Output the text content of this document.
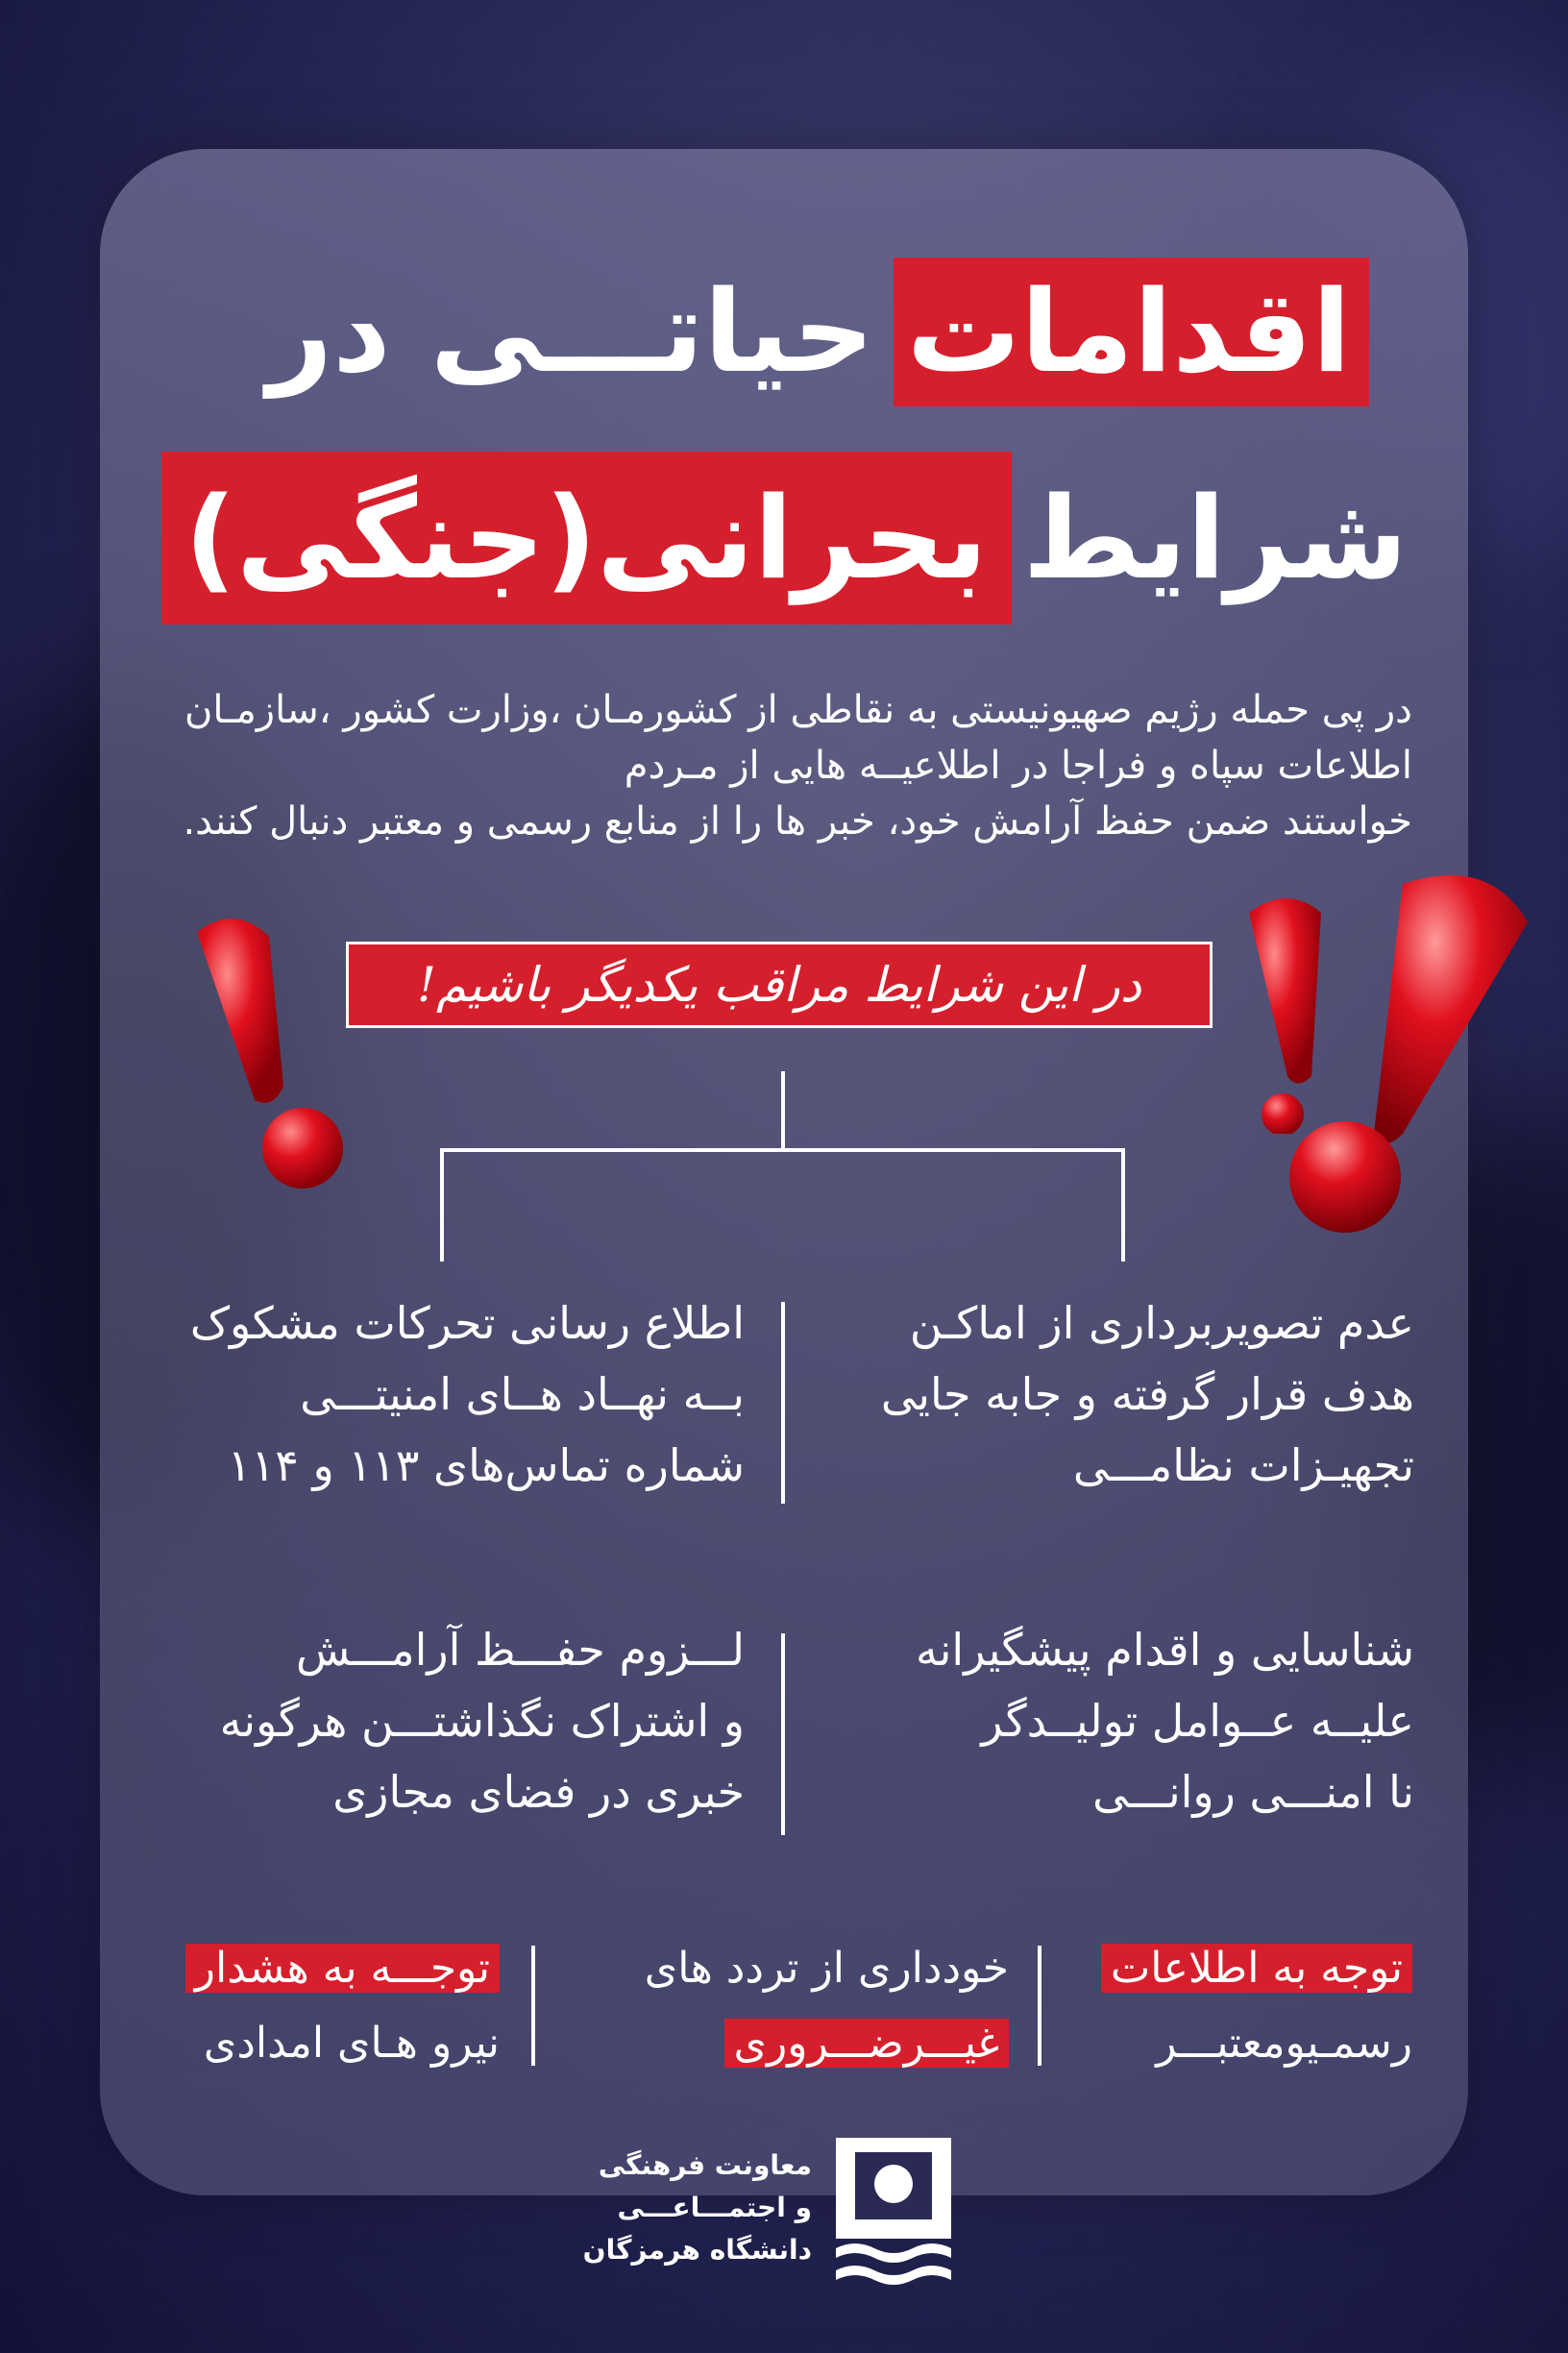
اقدامات
حیاتـــی در
بحرانی(جنگی) شرایط
در پی حمله رژیم صهیونیستی به نقاطی از کشورمـان ،وزارت کشور ،سازمـان
اطلاعات سپاه و فراجا در اطلاعیــه هایی از مـردم
خواستند ضمن حفظ آرامش خود، خبر ها را از منابع رسمی و معتبر دنبال کنند.
در این شرایط مراقب یکدیگر باشیم!
عدم تصویربرداری از اماکـن
هدف قرار گرفته و جابه جایی
تجهیـزات نظامـــی
اطلاع رسانی تحرکات مشکوک
بــه نهــاد هــای امنیتـــی
شماره تماس‌های ۱۱۳ و ۱۱۴
شناسایی و اقدام پیشگیرانه
علیــه عــوامل تولیــدگر
نا امنـــی روانـــی
لـــزوم حفـــظ آرامـــش
و اشتراک نگذاشتـــن هرگونه
خبری در فضای مجازی
توجه به اطلاعات
رسمـیومعتبـــر
خودداری از تردد های
غیـــرضـــروری
توجـــه به هشدار
نیرو هـای امدادی
معاونت فرهنگی
و اجتمـــاعـــی
دانشگاه هرمزگان
